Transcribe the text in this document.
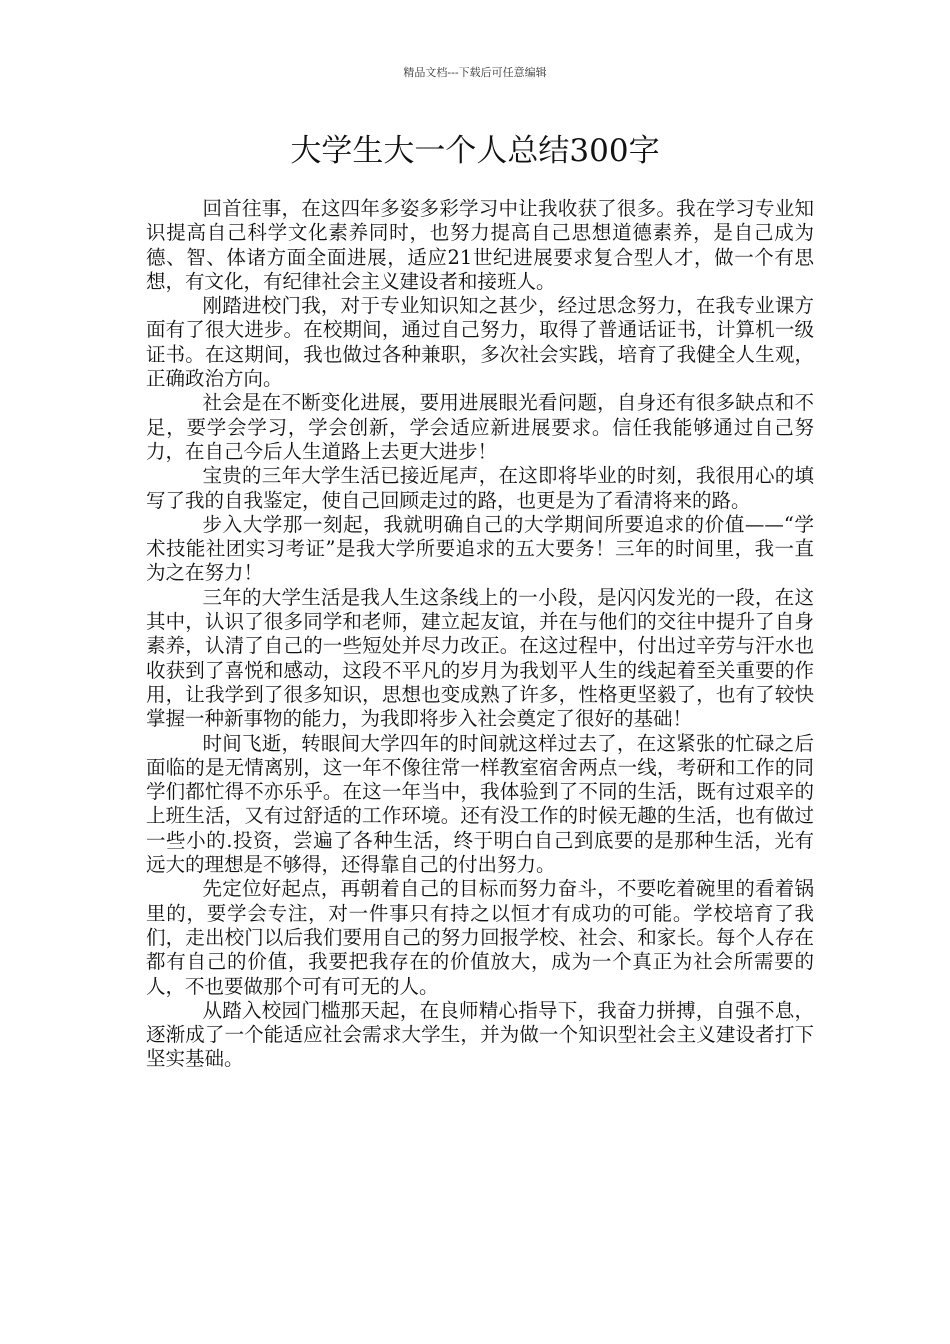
精品文档---下载后可任意编辑
大学生大一个人总结300字

回首往事，在这四年多姿多彩学习中让我收获了很多。我在学习专业知识提高自己科学文化素养同时，也努力提高自己思想道德素养，是自己成为德、智、体诸方面全面进展，适应21世纪进展要求复合型人才，做一个有思想，有文化，有纪律社会主义建设者和接班人。

刚踏进校门我，对于专业知识知之甚少，经过思念努力，在我专业课方面有了很大进步。在校期间，通过自己努力，取得了普通话证书，计算机一级证书。在这期间，我也做过各种兼职，多次社会实践，培育了我健全人生观，正确政治方向。

社会是在不断变化进展，要用进展眼光看问题，自身还有很多缺点和不足，要学会学习，学会创新，学会适应新进展要求。信任我能够通过自己努力，在自己今后人生道路上去更大进步！

宝贵的三年大学生活已接近尾声，在这即将毕业的时刻，我很用心的填写了我的自我鉴定，使自己回顾走过的路，也更是为了看清将来的路。

步入大学那一刻起，我就明确自己的大学期间所要追求的价值——“学术技能社团实习考证”是我大学所要追求的五大要务！三年的时间里，我一直为之在努力！

三年的大学生活是我人生这条线上的一小段，是闪闪发光的一段，在这其中，认识了很多同学和老师，建立起友谊，并在与他们的交往中提升了自身素养，认清了自己的一些短处并尽力改正。在这过程中，付出过辛劳与汗水也收获到了喜悦和感动，这段不平凡的岁月为我划平人生的线起着至关重要的作用，让我学到了很多知识，思想也变成熟了许多，性格更坚毅了，也有了较快掌握一种新事物的能力，为我即将步入社会奠定了很好的基础！

时间飞逝，转眼间大学四年的时间就这样过去了，在这紧张的忙碌之后面临的是无情离别，这一年不像往常一样教室宿舍两点一线，考研和工作的同学们都忙得不亦乐乎。在这一年当中，我体验到了不同的生活，既有过艰辛的上班生活，又有过舒适的工作环境。还有没工作的时候无趣的生活，也有做过一些小的.投资，尝遍了各种生活，终于明白自己到底要的是那种生活，光有远大的理想是不够得，还得靠自己的付出努力。

先定位好起点，再朝着自己的目标而努力奋斗，不要吃着碗里的看着锅里的，要学会专注，对一件事只有持之以恒才有成功的可能。学校培育了我们，走出校门以后我们要用自己的努力回报学校、社会、和家长。每个人存在都有自己的价值，我要把我存在的价值放大，成为一个真正为社会所需要的人，不也要做那个可有可无的人。

从踏入校园门槛那天起，在良师精心指导下，我奋力拼搏，自强不息，逐渐成了一个能适应社会需求大学生，并为做一个知识型社会主义建设者打下坚实基础。
